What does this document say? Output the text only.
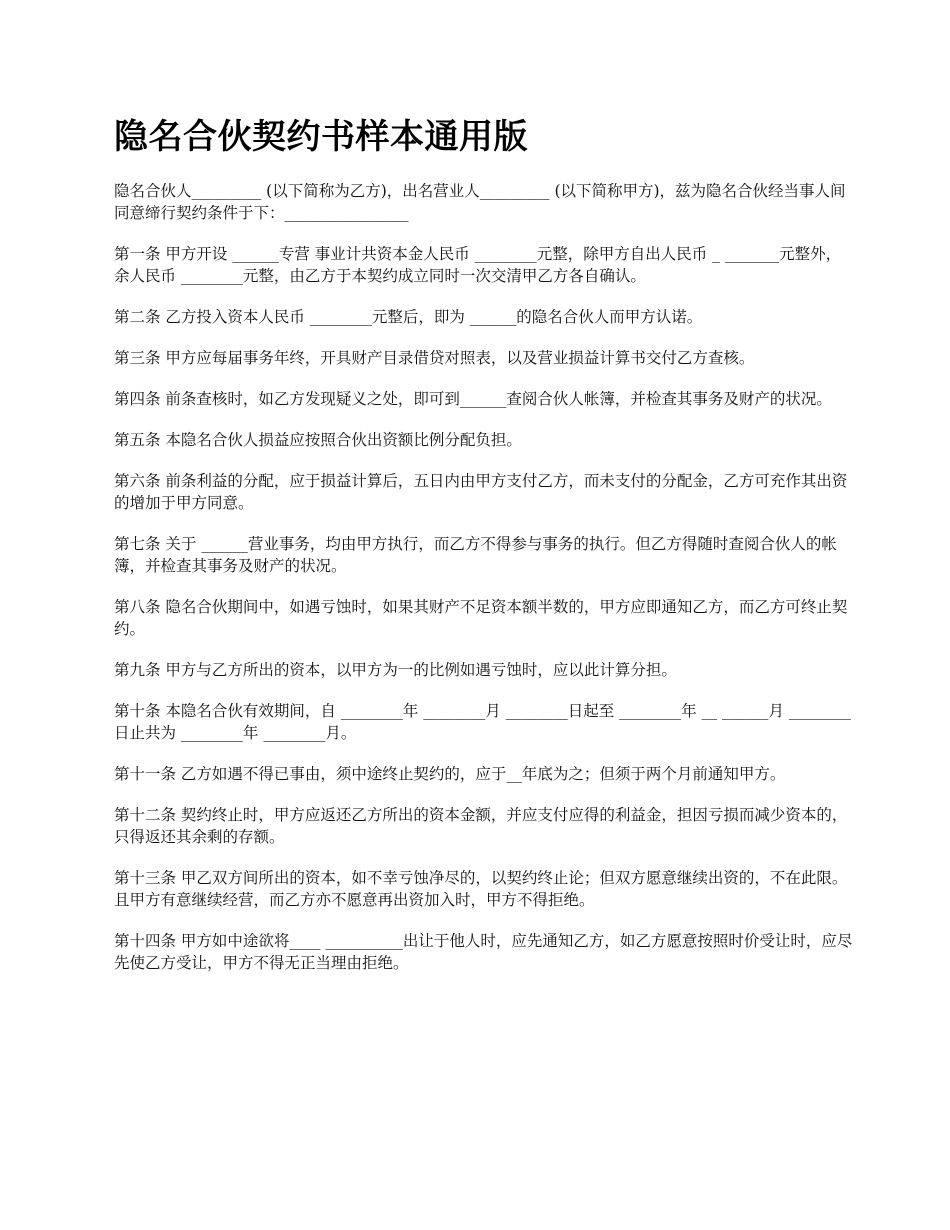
隐名合伙契约书样本通用版

隐名合伙人_________ (以下简称为乙方)，出名营业人_________ (以下简称甲方)，兹为隐名合伙经当事人间同意缔行契约条件于下：________________

第一条 甲方开设 ______专营 事业计共资本金人民币 ________元整，除甲方自出人民币 _ _______元整外，余人民币 ________元整，由乙方于本契约成立同时一次交清甲乙方各自确认。

第二条 乙方投入资本人民币 ________元整后，即为 ______的隐名合伙人而甲方认诺。

第三条 甲方应每届事务年终，开具财产目录借贷对照表，以及营业损益计算书交付乙方查核。

第四条 前条查核时，如乙方发现疑义之处，即可到______查阅合伙人帐簿，并检查其事务及财产的状况。

第五条 本隐名合伙人损益应按照合伙出资额比例分配负担。

第六条 前条利益的分配，应于损益计算后，五日内由甲方支付乙方，而未支付的分配金，乙方可充作其出资的增加于甲方同意。

第七条 关于 ______营业事务，均由甲方执行，而乙方不得参与事务的执行。但乙方得随时查阅合伙人的帐簿，并检查其事务及财产的状况。

第八条 隐名合伙期间中，如遇亏蚀时，如果其财产不足资本额半数的，甲方应即通知乙方，而乙方可终止契约。

第九条 甲方与乙方所出的资本，以甲方为一的比例如遇亏蚀时，应以此计算分担。

第十条 本隐名合伙有效期间，自 ________年 ________月 ________日起至 ________年 __ ______月 ________日止共为 ________年 ________月。

第十一条 乙方如遇不得已事由，须中途终止契约的，应于__年底为之；但须于两个月前通知甲方。

第十二条 契约终止时，甲方应返还乙方所出的资本金额，并应支付应得的利益金，担因亏损而减少资本的，只得返还其余剩的存额。

第十三条 甲乙双方间所出的资本，如不幸亏蚀净尽的，以契约终止论；但双方愿意继续出资的，不在此限。且甲方有意继续经营，而乙方亦不愿意再出资加入时，甲方不得拒绝。

第十四条 甲方如中途欲将____ __________出让于他人时，应先通知乙方，如乙方愿意按照时价受让时，应尽先使乙方受让，甲方不得无正当理由拒绝。
